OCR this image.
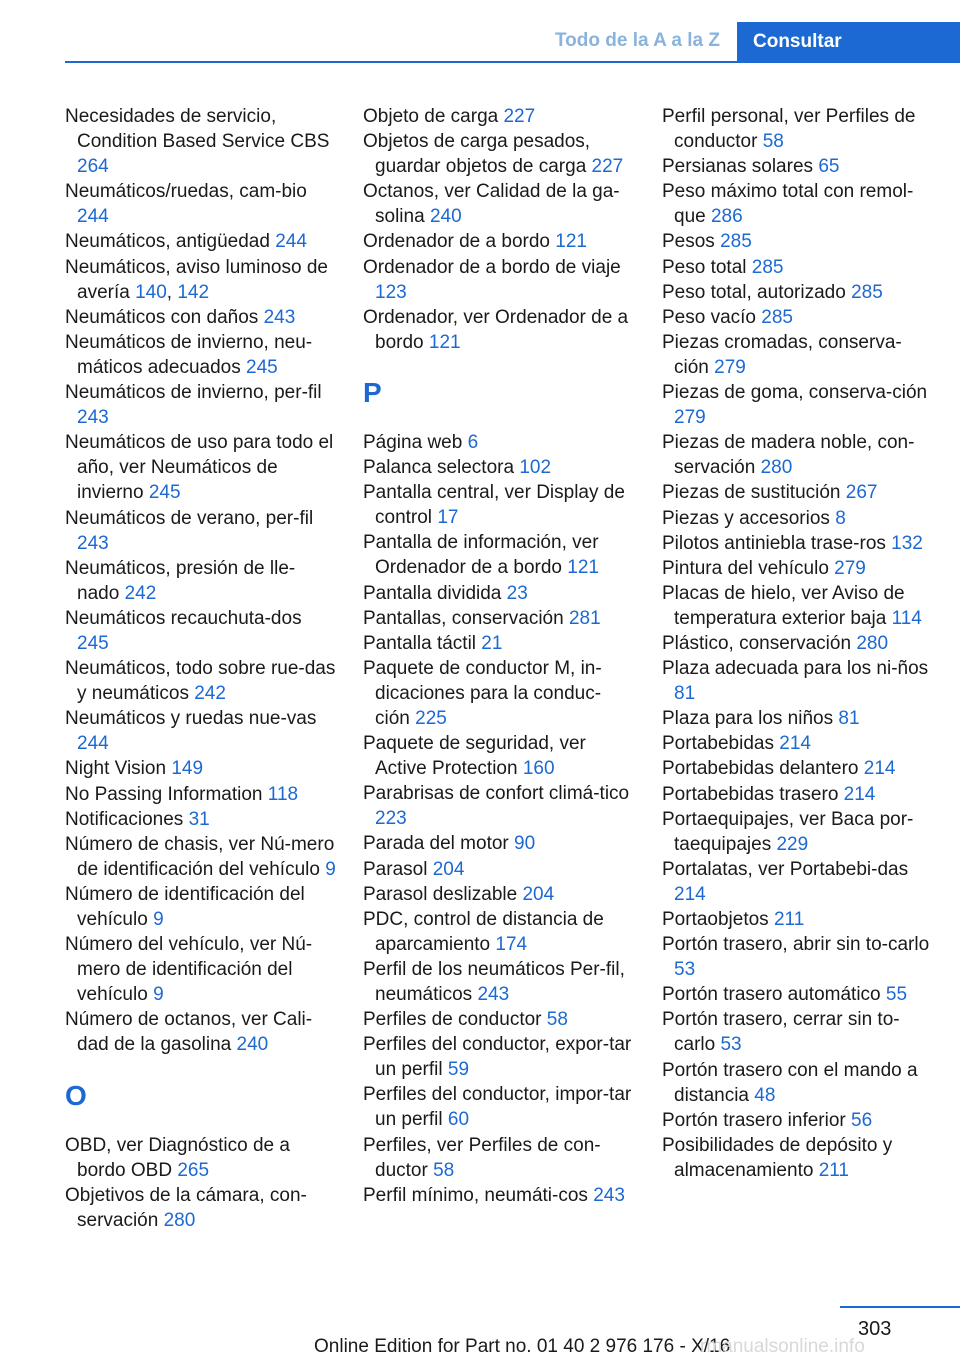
Todo de la A a la Z	Consultar
Necesidades de servicio, Condition Based Service CBS 264
Neumáticos/ruedas, cam-bio 244
Neumáticos, antigüedad 244
Neumáticos, aviso luminoso de avería 140, 142
Neumáticos con daños 243
Neumáticos de invierno, neu-máticos adecuados 245
Neumáticos de invierno, per-fil 243
Neumáticos de uso para todo el año, ver Neumáticos de invierno 245
Neumáticos de verano, per-fil 243
Neumáticos, presión de lle-nado 242
Neumáticos recauchuta-dos 245
Neumáticos, todo sobre rue-das y neumáticos 242
Neumáticos y ruedas nue-vas 244
Night Vision 149
No Passing Information 118
Notificaciones 31
Número de chasis, ver Nú-mero de identificación del vehículo 9
Número de identificación del vehículo 9
Número del vehículo, ver Nú-mero de identificación del vehículo 9
Número de octanos, ver Cali-dad de la gasolina 240
O
OBD, ver Diagnóstico de a bordo OBD 265
Objetivos de la cámara, con-servación 280
Objeto de carga 227
Objetos de carga pesados, guardar objetos de carga 227
Octanos, ver Calidad de la ga-solina 240
Ordenador de a bordo 121
Ordenador de a bordo de viaje 123
Ordenador, ver Ordenador de a bordo 121
P
Página web 6
Palanca selectora 102
Pantalla central, ver Display de control 17
Pantalla de información, ver Ordenador de a bordo 121
Pantalla dividida 23
Pantallas, conservación 281
Pantalla táctil 21
Paquete de conductor M, in-dicaciones para la conduc-ción 225
Paquete de seguridad, ver Active Protection 160
Parabrisas de confort climá-tico 223
Parada del motor 90
Parasol 204
Parasol deslizable 204
PDC, control de distancia de aparcamiento 174
Perfil de los neumáticos Per-fil, neumáticos 243
Perfiles de conductor 58
Perfiles del conductor, expor-tar un perfil 59
Perfiles del conductor, impor-tar un perfil 60
Perfiles, ver Perfiles de con-ductor 58
Perfil mínimo, neumáti-cos 243
Perfil personal, ver Perfiles de conductor 58
Persianas solares 65
Peso máximo total con remol-que 286
Pesos 285
Peso total 285
Peso total, autorizado 285
Peso vacío 285
Piezas cromadas, conserva-ción 279
Piezas de goma, conserva-ción 279
Piezas de madera noble, con-servación 280
Piezas de sustitución 267
Piezas y accesorios 8
Pilotos antiniebla trase-ros 132
Pintura del vehículo 279
Placas de hielo, ver Aviso de temperatura exterior baja 114
Plástico, conservación 280
Plaza adecuada para los ni-ños 81
Plaza para los niños 81
Portabebidas 214
Portabebidas delantero 214
Portabebidas trasero 214
Portaequipajes, ver Baca por-taequipajes 229
Portalatas, ver Portabebi-das 214
Portaobjetos 211
Portón trasero, abrir sin to-carlo 53
Portón trasero automático 55
Portón trasero, cerrar sin to-carlo 53
Portón trasero con el mando a distancia 48
Portón trasero inferior 56
Posibilidades de depósito y almacenamiento 211
303
Online Edition for Part no. 01 40 2 976 176 - X/16
rmanualsonline.info
